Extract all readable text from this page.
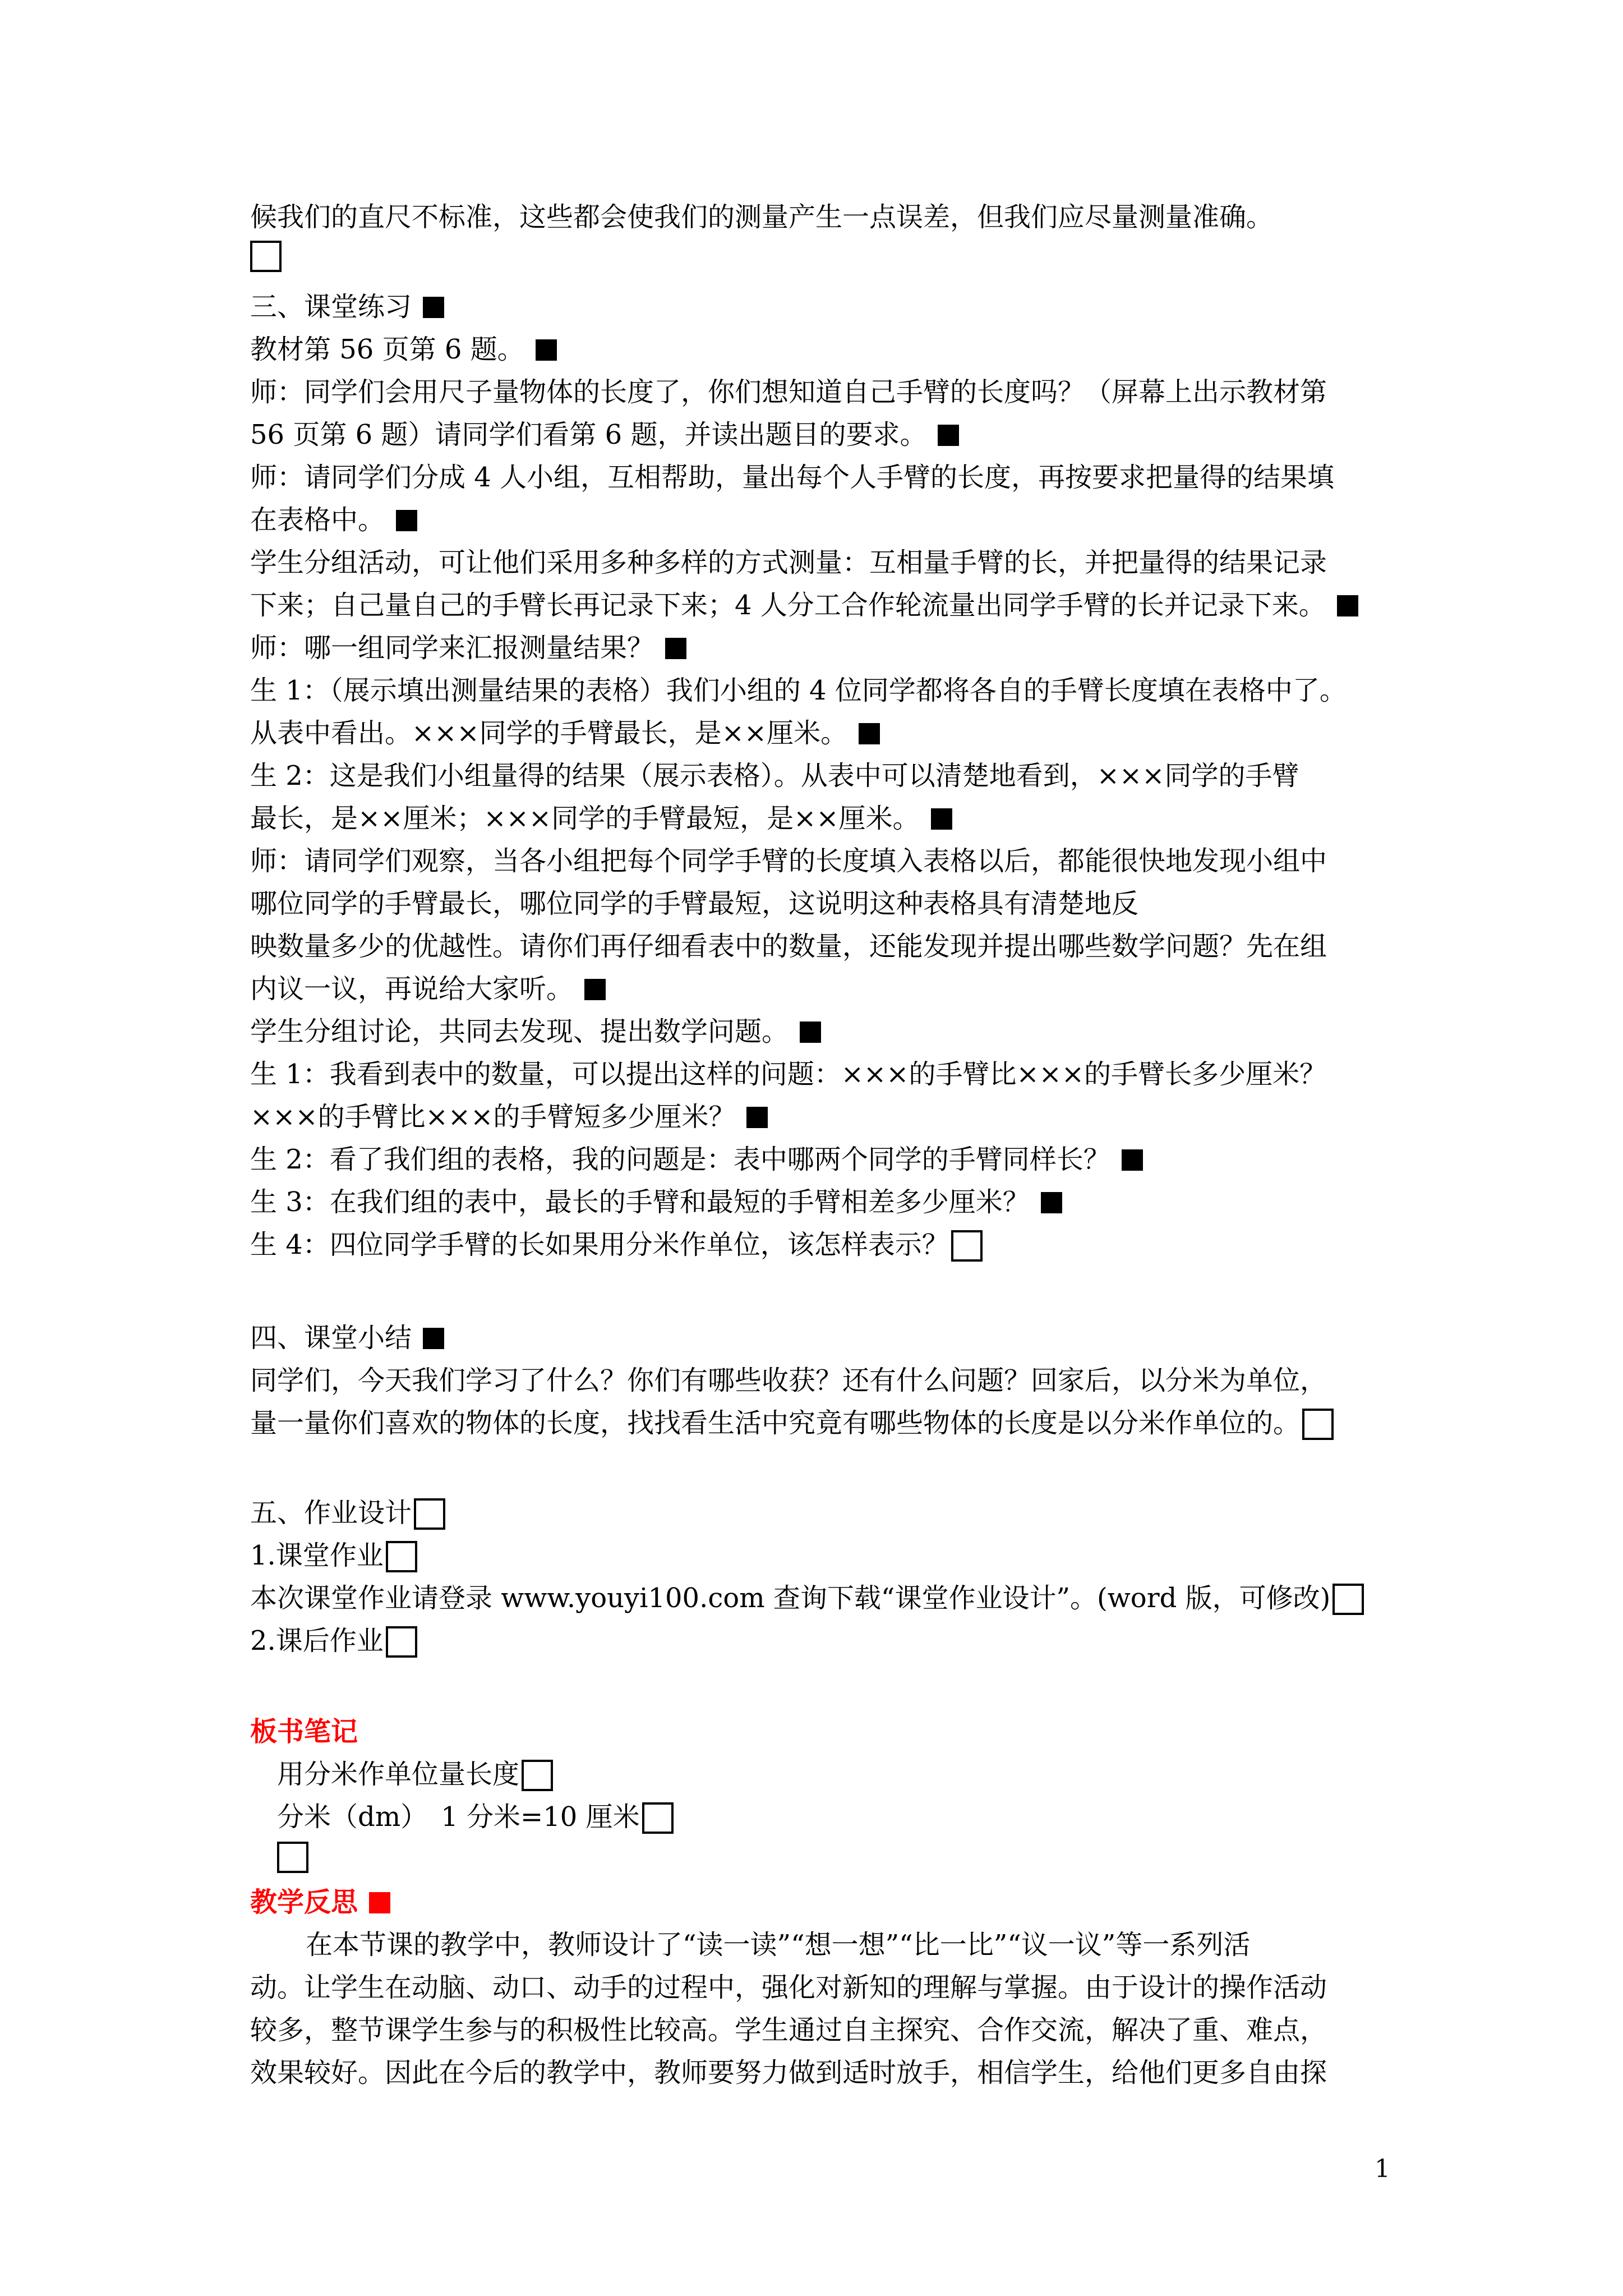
候我们的直尺不标准，这些都会使我们的测量产生一点误差，但我们应尽量测量准确。
三、课堂练习
教材第 56 页第 6 题。
师：同学们会用尺子量物体的长度了，你们想知道自己手臂的长度吗？（屏幕上出示教材第
56 页第 6 题）请同学们看第 6 题，并读出题目的要求。
师：请同学们分成 4 人小组，互相帮助，量出每个人手臂的长度，再按要求把量得的结果填
在表格中。
学生分组活动，可让他们采用多种多样的方式测量：互相量手臂的长，并把量得的结果记录
下来；自己量自己的手臂长再记录下来；4 人分工合作轮流量出同学手臂的长并记录下来。
师：哪一组同学来汇报测量结果？
生 1：（展示填出测量结果的表格）我们小组的 4 位同学都将各自的手臂长度填在表格中了。
从表中看出。×××同学的手臂最长，是××厘米。
生 2：这是我们小组量得的结果（展示表格）。从表中可以清楚地看到，×××同学的手臂
最长，是××厘米；×××同学的手臂最短，是××厘米。
师：请同学们观察，当各小组把每个同学手臂的长度填入表格以后，都能很快地发现小组中
哪位同学的手臂最长，哪位同学的手臂最短，这说明这种表格具有清楚地反
映数量多少的优越性。请你们再仔细看表中的数量，还能发现并提出哪些数学问题？先在组
内议一议，再说给大家听。
学生分组讨论，共同去发现、提出数学问题。
生 1：我看到表中的数量，可以提出这样的问题：×××的手臂比×××的手臂长多少厘米？
×××的手臂比×××的手臂短多少厘米？
生 2：看了我们组的表格，我的问题是：表中哪两个同学的手臂同样长？
生 3：在我们组的表中，最长的手臂和最短的手臂相差多少厘米？
生 4：四位同学手臂的长如果用分米作单位，该怎样表示？
四、课堂小结
同学们，今天我们学习了什么？你们有哪些收获？还有什么问题？回家后，以分米为单位，
量一量你们喜欢的物体的长度，找找看生活中究竟有哪些物体的长度是以分米作单位的。
五、作业设计
1.课堂作业
本次课堂作业请登录 www.youyi100.com 查询下载“课堂作业设计”。(word 版，可修改)
2.课后作业
板书笔记
用分米作单位量长度
分米（dm）　1 分米=10 厘米
教学反思
在本节课的教学中，教师设计了“读一读”“想一想”“比一比”“议一议”等一系列活
动。让学生在动脑、动口、动手的过程中，强化对新知的理解与掌握。由于设计的操作活动
较多，整节课学生参与的积极性比较高。学生通过自主探究、合作交流，解决了重、难点，
效果较好。因此在今后的教学中，教师要努力做到适时放手，相信学生，给他们更多自由探
1
